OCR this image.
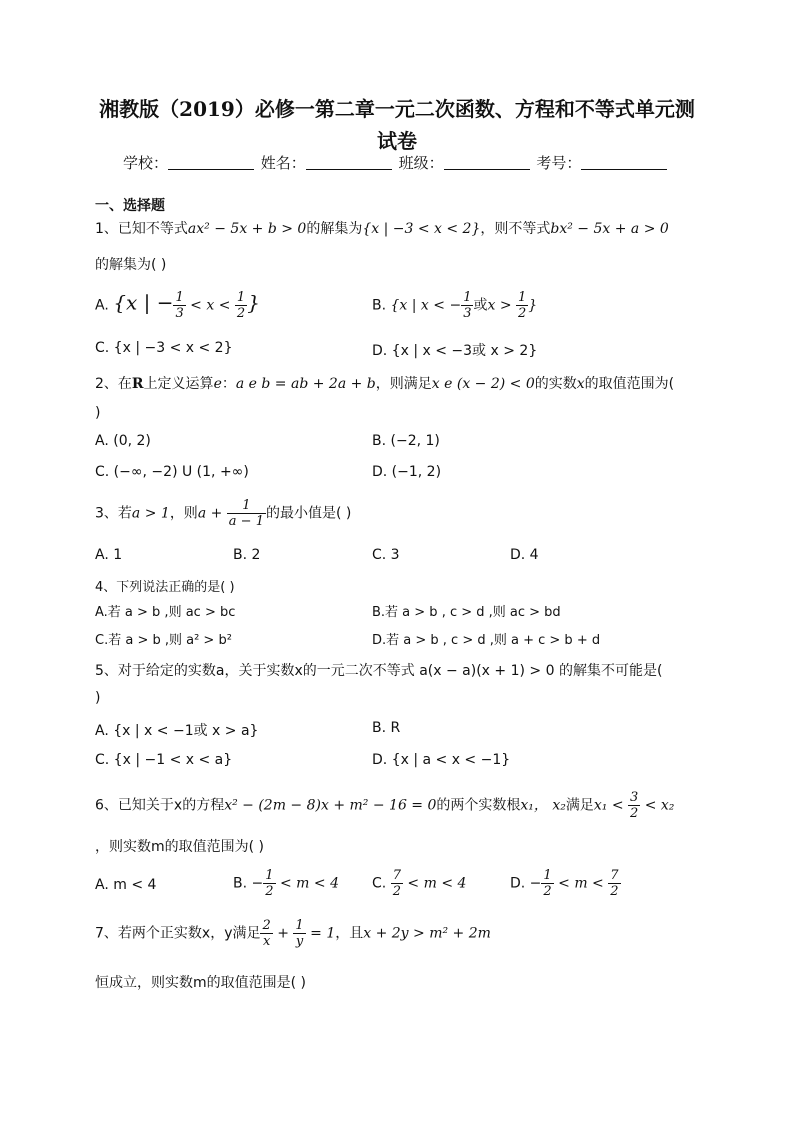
湘教版（2019）必修一第二章一元二次函数、方程和不等式单元测
试卷
学校：	姓名：	班级：	考号：
一、选择题
1、已知不等式ax² − 5x + b > 0的解集为{x | −3 < x < 2}，则不等式bx² − 5x + a > 0
的解集为( )
A. {x | − $\frac{1}{3} < x < \frac{1}{2}$ }	B. {x | x < − $\frac{1}{3}$ 或$x > \frac{1}{2}$ }
C. {x | −3 < x < 2}	D. {x | x < −3或 x > 2}
2、在R上定义运算e：a e b = ab + 2a + b，则满足x e (x − 2) < 0的实数x的取值范围为(
)
A. (0, 2)	B. (−2, 1)
C. (−∞, −2) U (1, +∞)	D. (−1, 2)
3、若a > 1，则$a + \frac{1}{a - 1}$ 的最小值是( )
A. 1	B. 2	C. 3	D. 4
4、下列说法正确的是( )
A.若 a > b ,则 ac > bc	B.若 a > b , c > d ,则 ac > bd
C.若 a > b ,则 a² > b²	D.若 a > b , c > d ,则 a + c > b + d
5、对于给定的实数a，关于实数x的一元二次不等式 a(x − a)(x + 1) > 0 的解集不可能是(
)
A. {x | x < −1或 x > a}	B. R
C. {x | −1 < x < a}	D. {x | a < x < −1}
6、已知关于x的方程x² − (2m − 8)x + m² − 16 = 0的两个实数根x₁， x₂满足$x_1 < \frac{3}{2} < x_2$
，则实数m的取值范围为( )
A. m < 4	B. − $\frac{1}{2} < m < 4$ C. $\frac{7}{2} < m < 4$	D. − $\frac{1}{2} < m < \frac{7}{2}$
7、若两个正实数x，y满足 $\frac{2}{x} + \frac{1}{y} = 1$，且x + 2y > m² + 2m
恒成立，则实数m的取值范围是( )
